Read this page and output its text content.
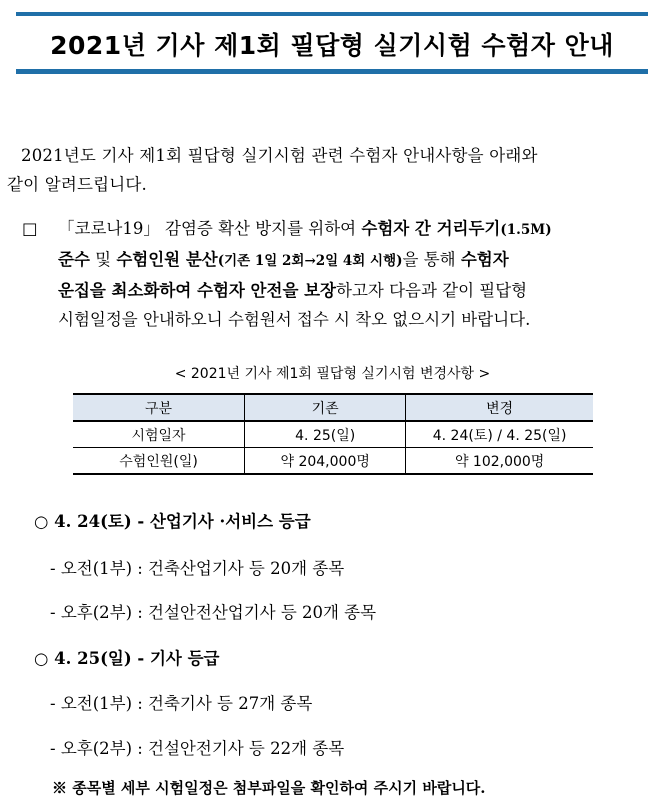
2021년 기사 제1회 필답형 실기시험 수험자 안내
2021년도 기사 제1회 필답형 실기시험 관련 수험자 안내사항을 아래와
같이 알려드립니다.
□ 「코로나19」 감염증 확산 방지를 위하여 수험자 간 거리두기(1.5M)
준수 및 수험인원 분산(기존 1일 2회→2일 4회 시행)을 통해 수험자
운집을 최소화하여 수험자 안전을 보장하고자 다음과 같이 필답형
시험일정을 안내하오니 수험원서 접수 시 착오 없으시기 바랍니다.
< 2021년 기사 제1회 필답형 실기시험 변경사항 >
구분	기존	변경
시험일자	4. 25(일)	4. 24(토) / 4. 25(일)
수험인원(일)	약 204,000명	약 102,000명
○ 4. 24(토) - 산업기사 ·서비스 등급
- 오전(1부) : 건축산업기사 등 20개 종목
- 오후(2부) : 건설안전산업기사 등 20개 종목
○ 4. 25(일) - 기사 등급
- 오전(1부) : 건축기사 등 27개 종목
- 오후(2부) : 건설안전기사 등 22개 종목
※ 종목별 세부 시험일정은 첨부파일을 확인하여 주시기 바랍니다.
